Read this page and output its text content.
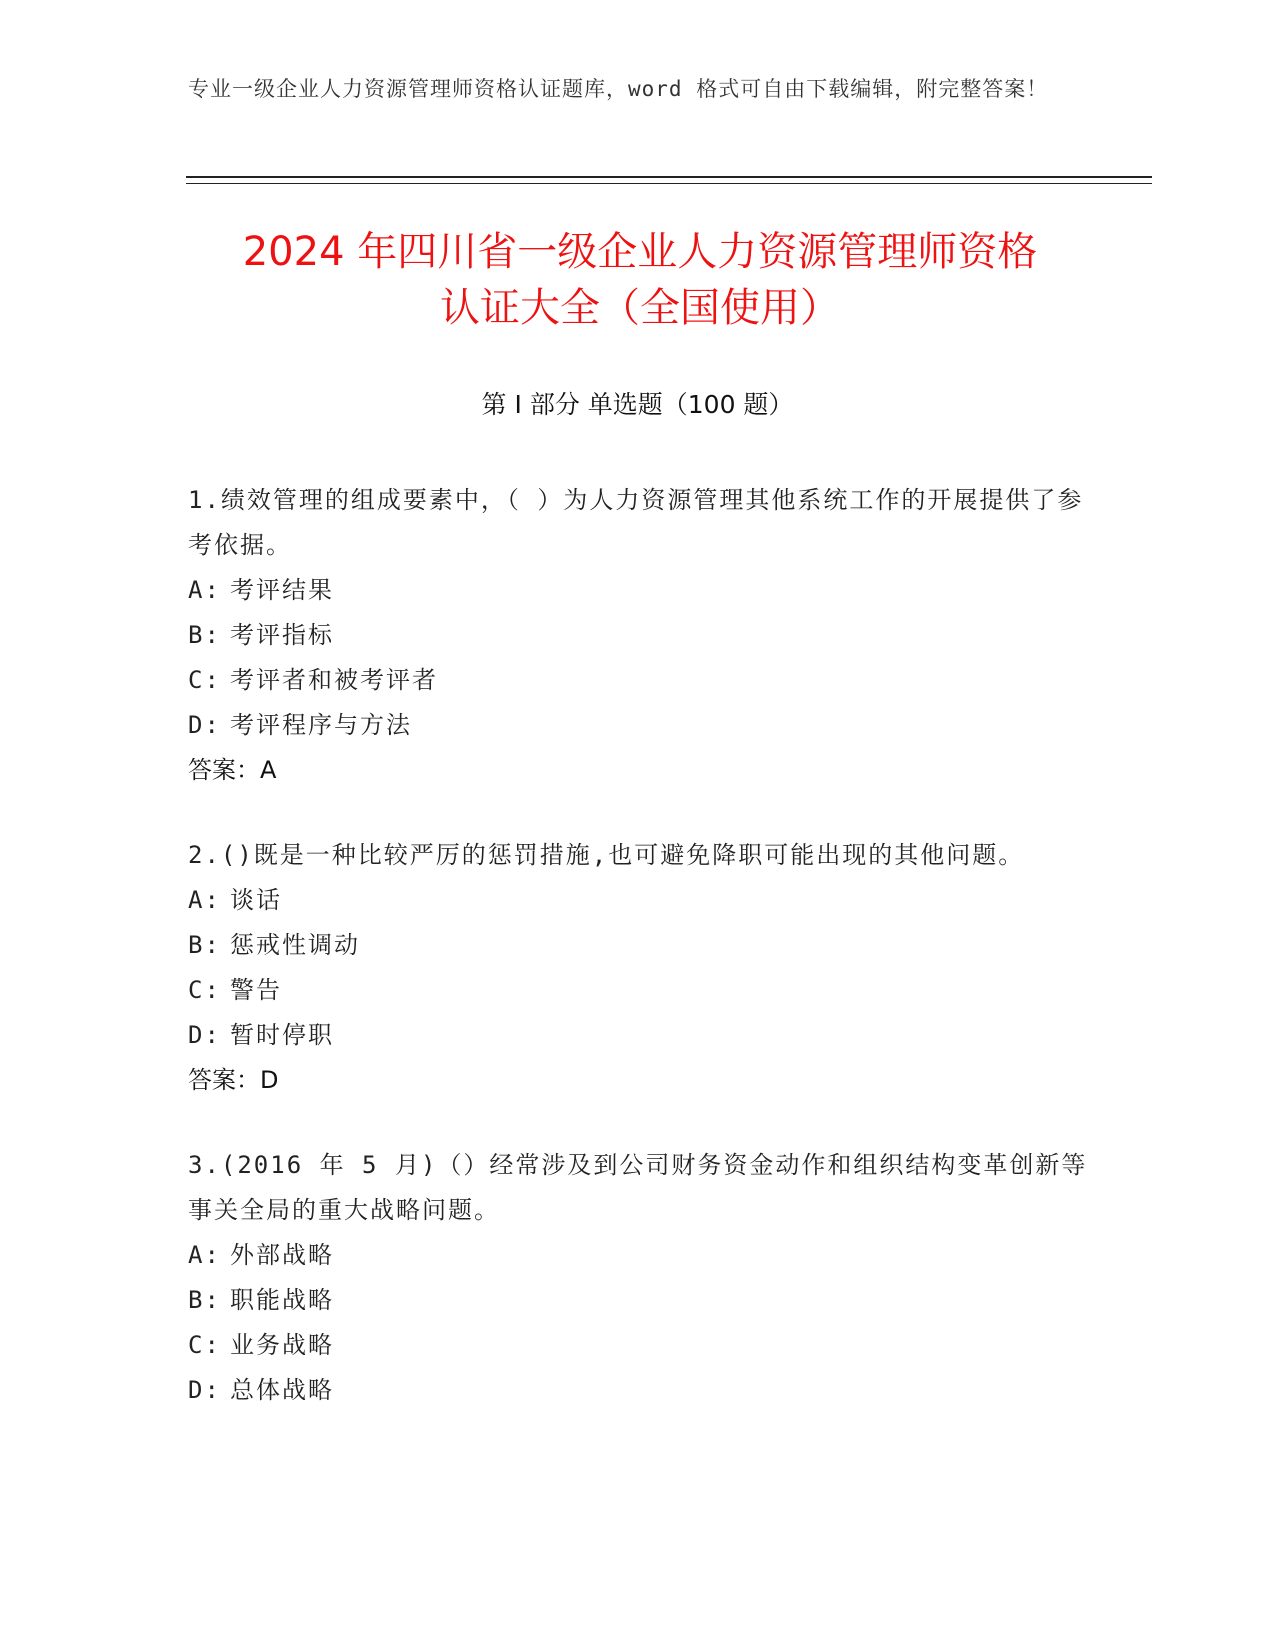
专业一级企业人力资源管理师资格认证题库，word 格式可自由下载编辑，附完整答案！
2024 年四川省一级企业人力资源管理师资格
认证大全（全国使用）
第 I 部分 单选题（100 题）
1.绩效管理的组成要素中，（ ）为人力资源管理其他系统工作的开展提供了参考依据。
A: 考评结果
B: 考评指标
C: 考评者和被考评者
D: 考评程序与方法
答案：A
2.()既是一种比较严厉的惩罚措施,也可避免降职可能出现的其他问题。
A: 谈话
B: 惩戒性调动
C: 警告
D: 暂时停职
答案：D
3.(2016 年 5 月)（）经常涉及到公司财务资金动作和组织结构变革创新等事关全局的重大战略问题。
A: 外部战略
B: 职能战略
C: 业务战略
D: 总体战略
